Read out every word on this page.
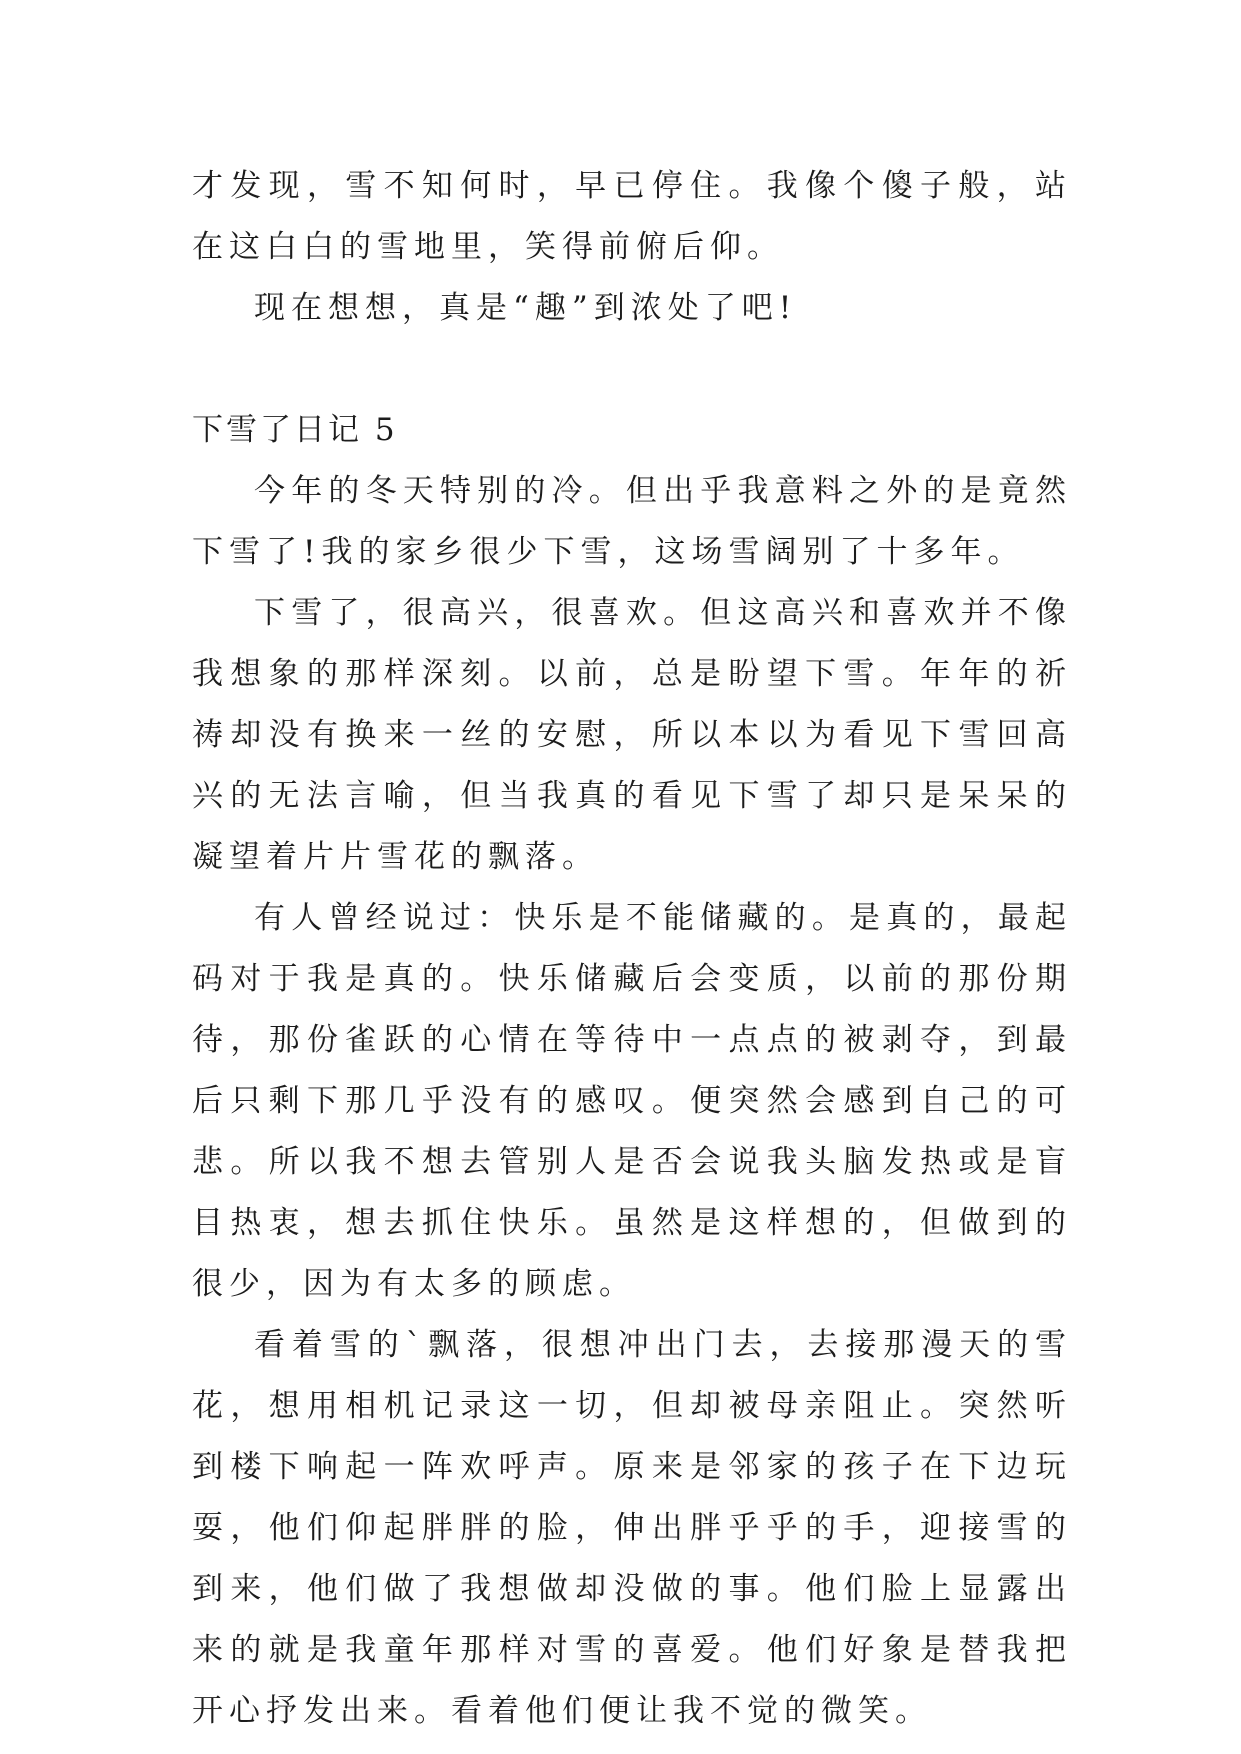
才发现，雪不知何时，早已停住。我像个傻子般，站在这白白的雪地里，笑得前俯后仰。

现在想想，真是“趣”到浓处了吧!

下雪了日记 5

今年的冬天特别的冷。但出乎我意料之外的是竟然下雪了!我的家乡很少下雪，这场雪阔别了十多年。

下雪了，很高兴，很喜欢。但这高兴和喜欢并不像我想象的那样深刻。以前，总是盼望下雪。年年的祈祷却没有换来一丝的安慰，所以本以为看见下雪回高兴的无法言喻，但当我真的看见下雪了却只是呆呆的凝望着片片雪花的飘落。

有人曾经说过：快乐是不能储藏的。是真的，最起码对于我是真的。快乐储藏后会变质，以前的那份期待，那份雀跃的心情在等待中一点点的被剥夺，到最后只剩下那几乎没有的感叹。便突然会感到自己的可悲。所以我不想去管别人是否会说我头脑发热或是盲目热衷，想去抓住快乐。虽然是这样想的，但做到的很少，因为有太多的顾虑。

看着雪的`飘落，很想冲出门去，去接那漫天的雪花，想用相机记录这一切，但却被母亲阻止。突然听到楼下响起一阵欢呼声。原来是邻家的孩子在下边玩耍，他们仰起胖胖的脸，伸出胖乎乎的手，迎接雪的到来，他们做了我想做却没做的事。他们脸上显露出来的就是我童年那样对雪的喜爱。他们好象是替我把开心抒发出来。看着他们便让我不觉的微笑。
